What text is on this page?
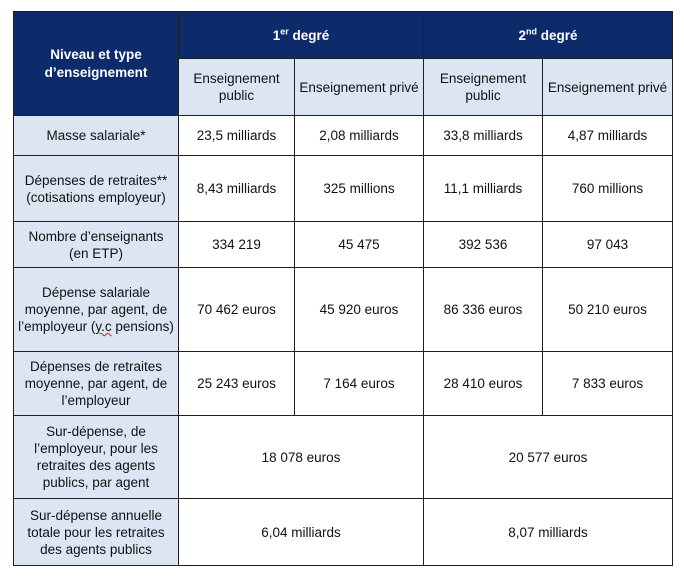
Niveau et type d’enseignement	1er degré		2nd degré	
	Enseignement public	Enseignement privé	Enseignement public	Enseignement privé
Masse salariale*	23,5 milliards	2,08 milliards	33,8 milliards	4,87 milliards
Dépenses de retraites** (cotisations employeur)	8,43 milliards	325 millions	11,1 milliards	760 millions
Nombre d’enseignants (en ETP)	334 219	45 475	392 536	97 043
Dépense salariale moyenne, par agent, de l’employeur (y.c pensions)	70 462 euros	45 920 euros	86 336 euros	50 210 euros
Dépenses de retraites moyenne, par agent, de l’employeur	25 243 euros	7 164 euros	28 410 euros	7 833 euros
Sur-dépense, de l’employeur, pour les retraites des agents publics, par agent	18 078 euros		20 577 euros	
Sur-dépense annuelle totale pour les retraites des agents publics	6,04 milliards		8,07 milliards	
